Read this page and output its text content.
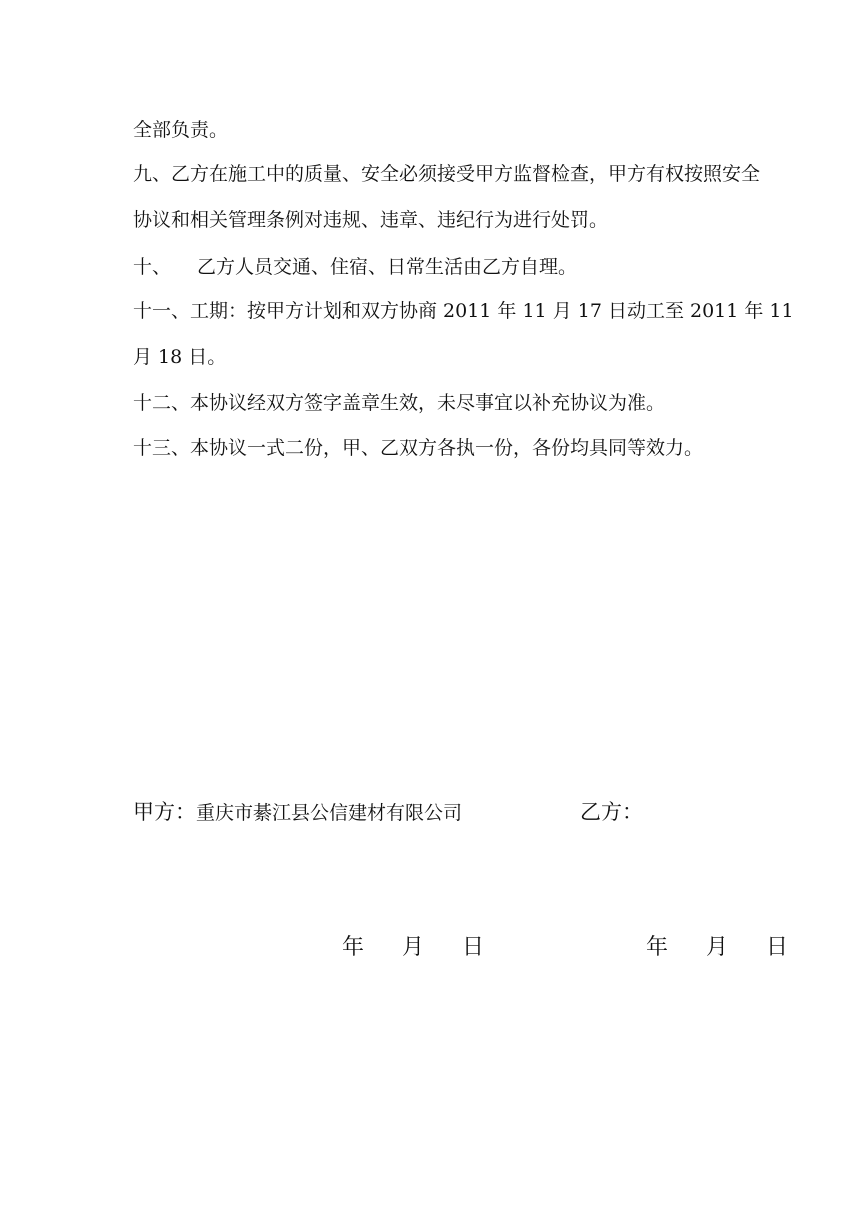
全部负责。
九、乙方在施工中的质量、安全必须接受甲方监督检查，甲方有权按照安全
协议和相关管理条例对违规、违章、违纪行为进行处罚。
十、 乙方人员交通、住宿、日常生活由乙方自理。
十一、工期：按甲方计划和双方协商 2011 年 11 月 17 日动工至 2011 年 11
月 18 日。
十二、本协议经双方签字盖章生效，未尽事宜以补充协议为准。
十三、本协议一式二份，甲、乙双方各执一份，各份均具同等效力。
甲方：重庆市綦江县公信建材有限公司	乙方：
年 月 日	年 月 日
